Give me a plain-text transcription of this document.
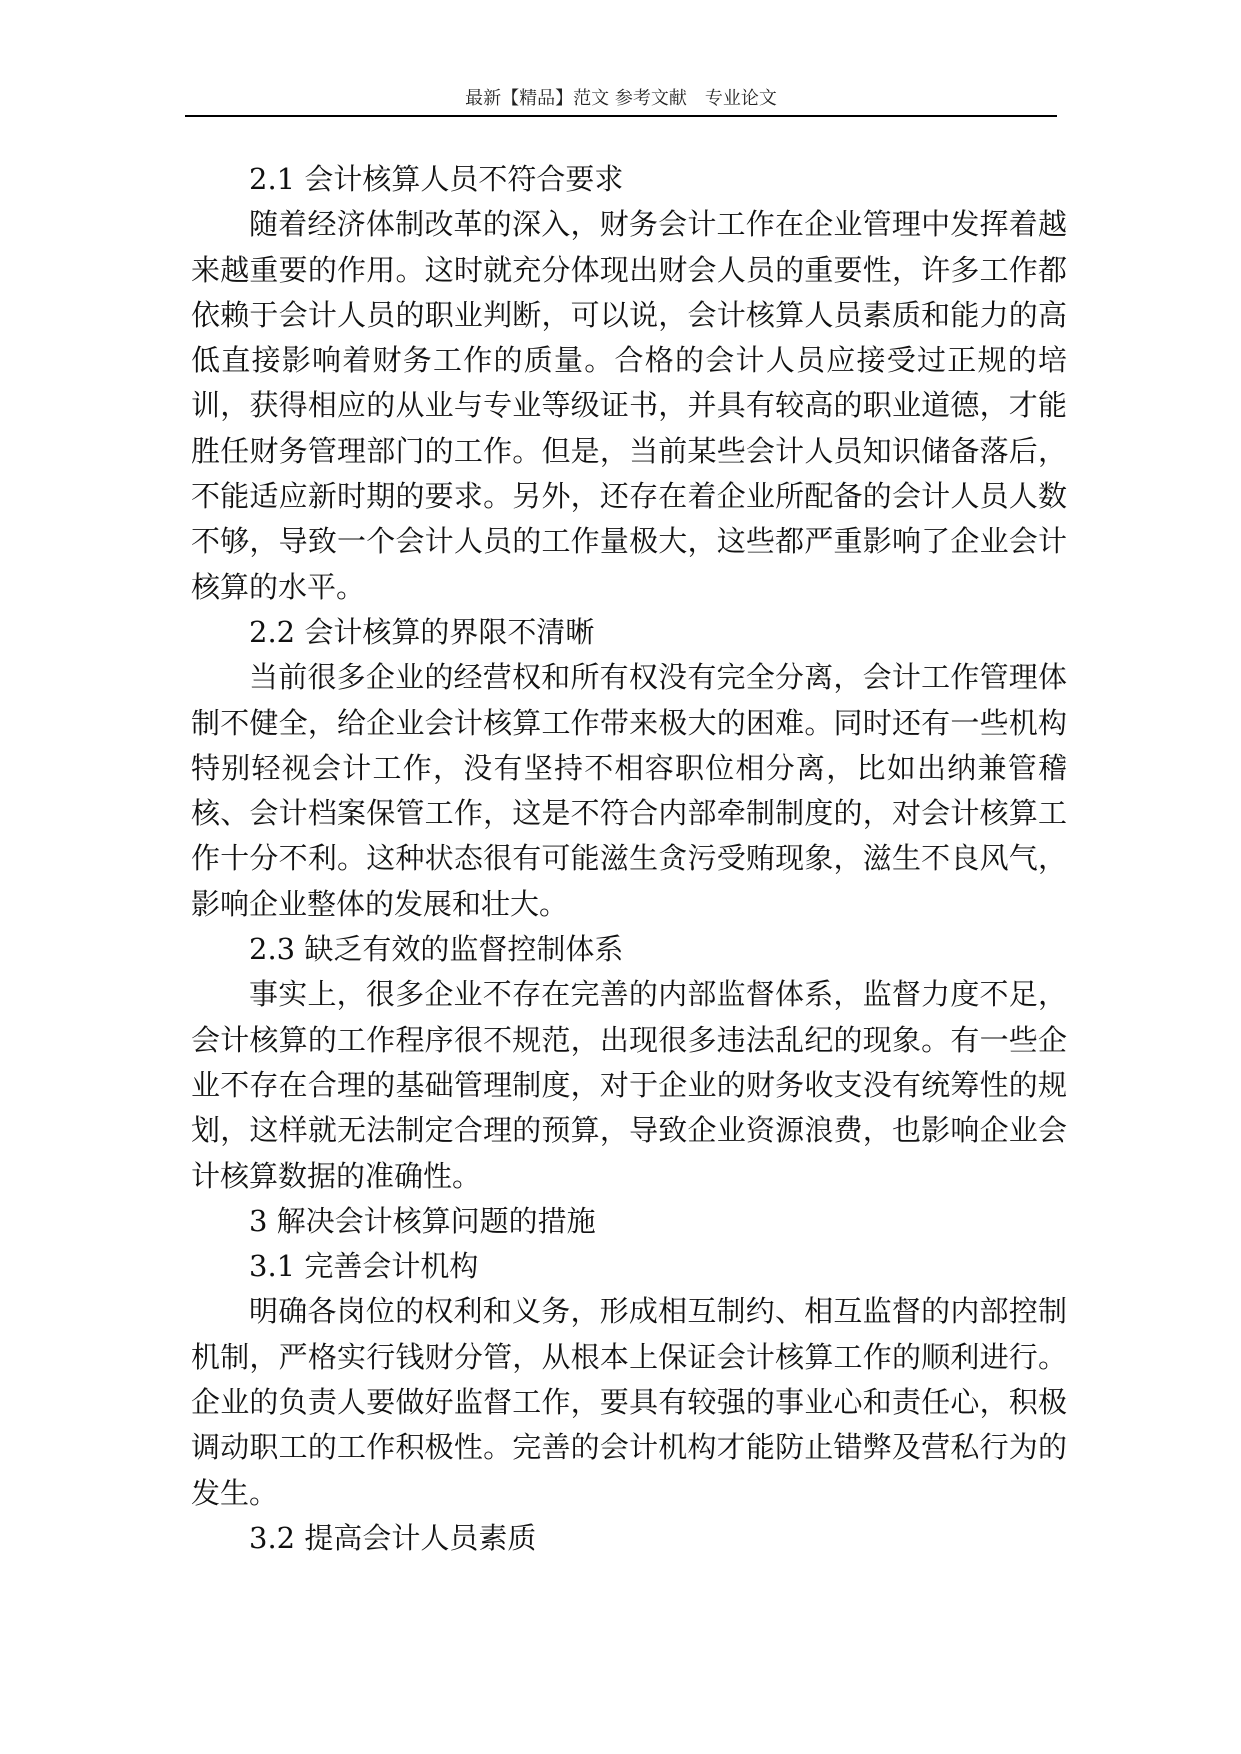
最新【精品】范文 参考文献　专业论文

2.1 会计核算人员不符合要求

随着经济体制改革的深入，财务会计工作在企业管理中发挥着越来越重要的作用。这时就充分体现出财会人员的重要性，许多工作都依赖于会计人员的职业判断，可以说，会计核算人员素质和能力的高低直接影响着财务工作的质量。合格的会计人员应接受过正规的培训，获得相应的从业与专业等级证书，并具有较高的职业道德，才能胜任财务管理部门的工作。但是，当前某些会计人员知识储备落后，不能适应新时期的要求。另外，还存在着企业所配备的会计人员人数不够，导致一个会计人员的工作量极大，这些都严重影响了企业会计核算的水平。

2.2 会计核算的界限不清晰

当前很多企业的经营权和所有权没有完全分离，会计工作管理体制不健全，给企业会计核算工作带来极大的困难。同时还有一些机构特别轻视会计工作，没有坚持不相容职位相分离，比如出纳兼管稽核、会计档案保管工作，这是不符合内部牵制制度的，对会计核算工作十分不利。这种状态很有可能滋生贪污受贿现象，滋生不良风气，影响企业整体的发展和壮大。

2.3 缺乏有效的监督控制体系

事实上，很多企业不存在完善的内部监督体系，监督力度不足，会计核算的工作程序很不规范，出现很多违法乱纪的现象。有一些企业不存在合理的基础管理制度，对于企业的财务收支没有统筹性的规划，这样就无法制定合理的预算，导致企业资源浪费，也影响企业会计核算数据的准确性。

3 解决会计核算问题的措施

3.1 完善会计机构

明确各岗位的权利和义务，形成相互制约、相互监督的内部控制机制，严格实行钱财分管，从根本上保证会计核算工作的顺利进行。企业的负责人要做好监督工作，要具有较强的事业心和责任心，积极调动职工的工作积极性。完善的会计机构才能防止错弊及营私行为的发生。

3.2 提高会计人员素质
